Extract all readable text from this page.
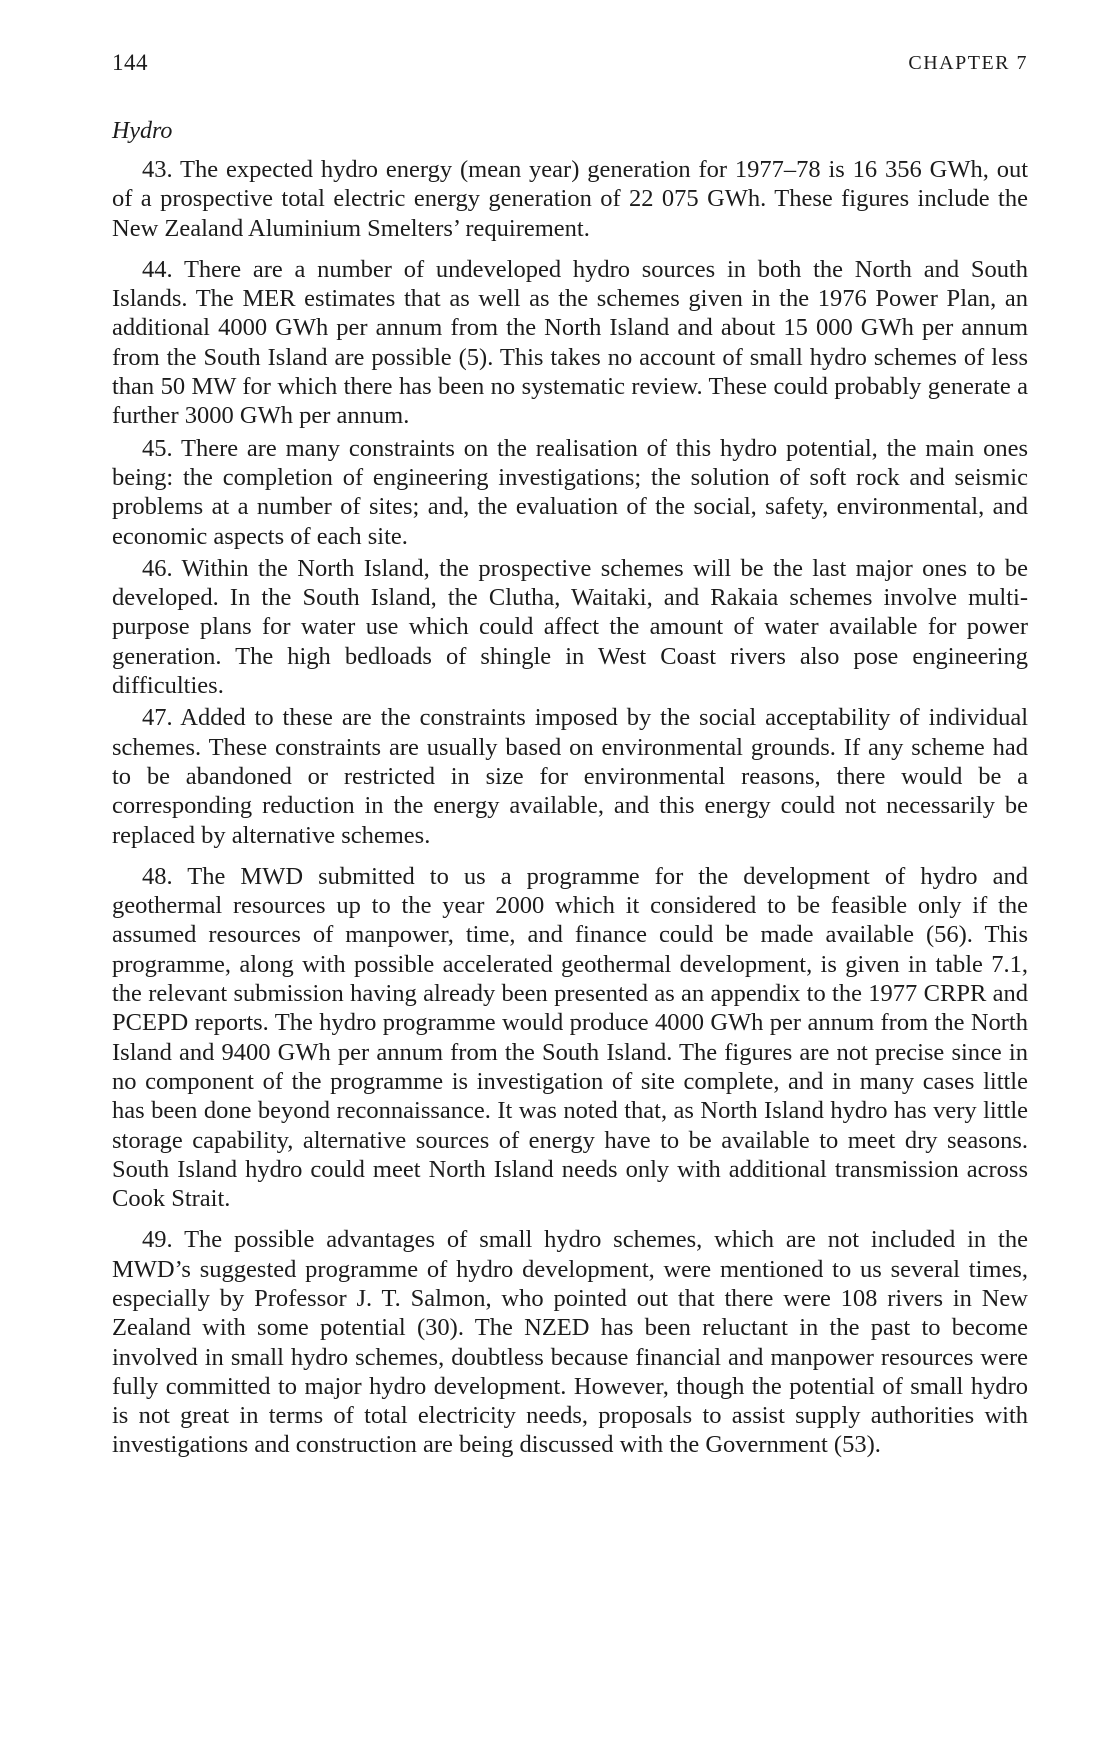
144	CHAPTER 7
Hydro

43. The expected hydro energy (mean year) generation for 1977–78 is 16 356 GWh, out of a prospective total electric energy generation of 22 075 GWh. These figures include the New Zealand Aluminium Smelters’ requirement.

44. There are a number of undeveloped hydro sources in both the North and South Islands. The MER estimates that as well as the schemes given in the 1976 Power Plan, an additional 4000 GWh per annum from the North Island and about 15 000 GWh per annum from the South Island are possible (5). This takes no account of small hydro schemes of less than 50 MW for which there has been no systematic review. These could probably generate a further 3000 GWh per annum.

45. There are many constraints on the realisation of this hydro potential, the main ones being: the completion of engineering investigations; the solution of soft rock and seismic problems at a number of sites; and, the evaluation of the social, safety, environmental, and economic aspects of each site.

46. Within the North Island, the prospective schemes will be the last major ones to be developed. In the South Island, the Clutha, Waitaki, and Rakaia schemes involve multi-purpose plans for water use which could affect the amount of water available for power generation. The high bedloads of shingle in West Coast rivers also pose engineering difficulties.

47. Added to these are the constraints imposed by the social acceptability of individual schemes. These constraints are usually based on environmental grounds. If any scheme had to be abandoned or restricted in size for environmental reasons, there would be a corresponding reduction in the energy available, and this energy could not necessarily be replaced by alternative schemes.

48. The MWD submitted to us a programme for the development of hydro and geothermal resources up to the year 2000 which it considered to be feasible only if the assumed resources of manpower, time, and finance could be made available (56). This programme, along with possible accelerated geothermal development, is given in table 7.1, the relevant submission having already been presented as an appendix to the 1977 CRPR and PCEPD reports. The hydro programme would produce 4000 GWh per annum from the North Island and 9400 GWh per annum from the South Island. The figures are not precise since in no component of the programme is investigation of site complete, and in many cases little has been done beyond reconnaissance. It was noted that, as North Island hydro has very little storage capability, alternative sources of energy have to be available to meet dry seasons. South Island hydro could meet North Island needs only with additional transmission across Cook Strait.

49. The possible advantages of small hydro schemes, which are not included in the MWD’s suggested programme of hydro development, were mentioned to us several times, especially by Professor J. T. Salmon, who pointed out that there were 108 rivers in New Zealand with some potential (30). The NZED has been reluctant in the past to become involved in small hydro schemes, doubtless because financial and manpower resources were fully committed to major hydro development. However, though the potential of small hydro is not great in terms of total electricity needs, proposals to assist supply authorities with investigations and construction are being discussed with the Government (53).
